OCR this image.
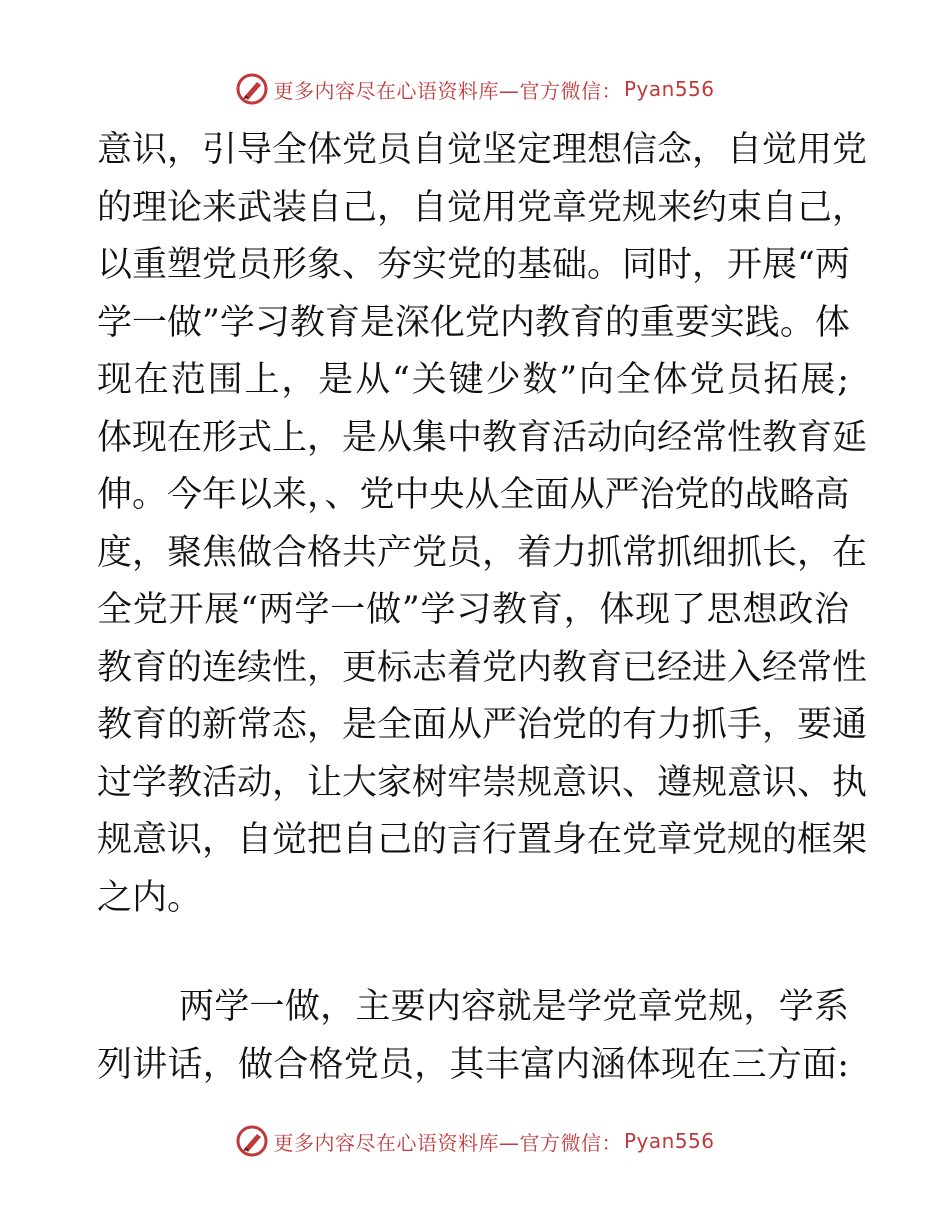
更多内容尽在心语资料库—官方微信： Pyan556
意识，引导全体党员自觉坚定理想信念，自觉用党
的理论来武装自己，自觉用党章党规来约束自己，
以重塑党员形象、夯实党的基础。同时，开展“两
学一做”学习教育是深化党内教育的重要实践。体
现在范围上，是从“关键少数”向全体党员拓展;
体现在形式上，是从集中教育活动向经常性教育延
伸。今年以来，、党中央从全面从严治党的战略高
度，聚焦做合格共产党员，着力抓常抓细抓长，在
全党开展“两学一做”学习教育，体现了思想政治
教育的连续性，更标志着党内教育已经进入经常性
教育的新常态，是全面从严治党的有力抓手，要通
过学教活动，让大家树牢崇规意识、遵规意识、执
规意识，自觉把自己的言行置身在党章党规的框架
之内。
两学一做，主要内容就是学党章党规，学系
列讲话，做合格党员，其丰富内涵体现在三方面:
更多内容尽在心语资料库—官方微信： Pyan556
